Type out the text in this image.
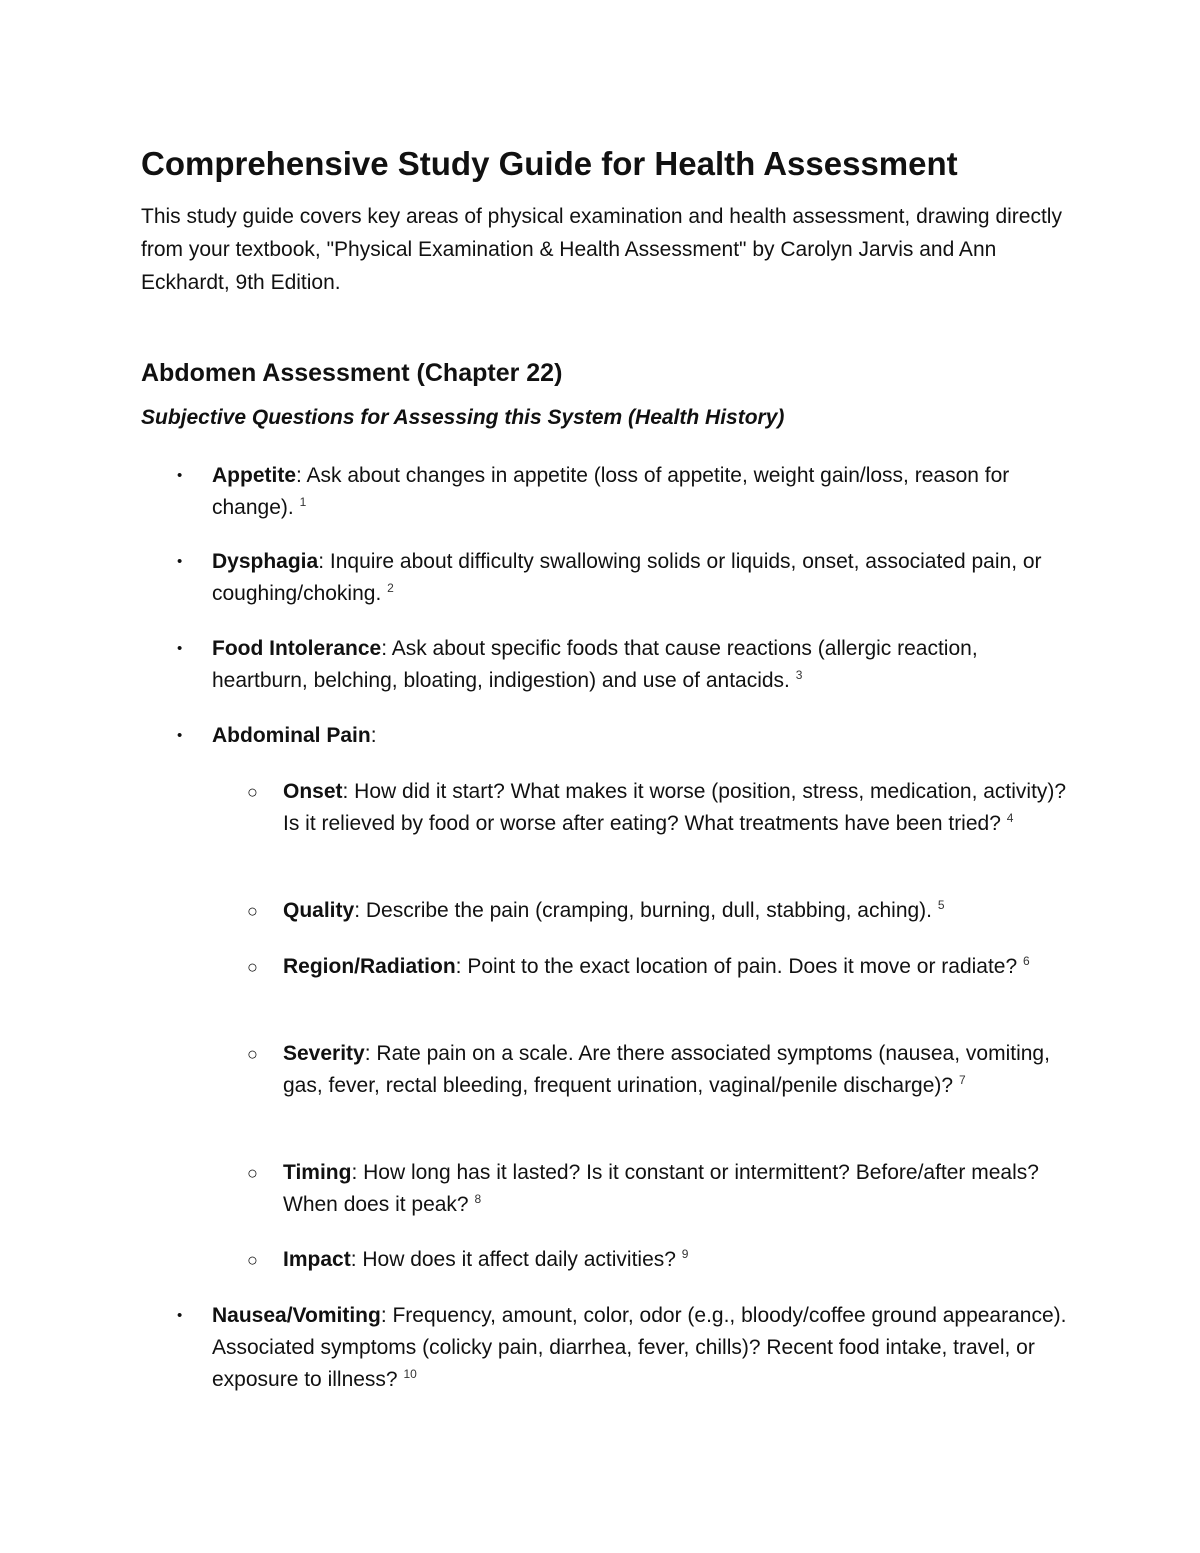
Comprehensive Study Guide for Health Assessment

This study guide covers key areas of physical examination and health assessment, drawing directly from your textbook, "Physical Examination & Health Assessment" by Carolyn Jarvis and Ann Eckhardt, 9th Edition.

Abdomen Assessment (Chapter 22)
Subjective Questions for Assessing this System (Health History)
• Appetite: Ask about changes in appetite (loss of appetite, weight gain/loss, reason for change). $^1$

• Dysphagia: Inquire about difficulty swallowing solids or liquids, onset, associated pain, or coughing/choking. $^2$

• Food Intolerance: Ask about specific foods that cause reactions (allergic reaction, heartburn, belching, bloating, indigestion) and use of antacids. $^3$

• Abdominal Pain:

○ Onset: How did it start? What makes it worse (position, stress, medication, activity)? Is it relieved by food or worse after eating? What treatments have been tried? $^4$

○ Quality: Describe the pain (cramping, burning, dull, stabbing, aching). $^5$

○ Region/Radiation: Point to the exact location of pain. Does it move or radiate? $^6$

○ Severity: Rate pain on a scale. Are there associated symptoms (nausea, vomiting, gas, fever, rectal bleeding, frequent urination, vaginal/penile discharge)? $^7$

○ Timing: How long has it lasted? Is it constant or intermittent? Before/after meals? When does it peak? $^8$

○ Impact: How does it affect daily activities? $^9$

• Nausea/Vomiting: Frequency, amount, color, odor (e.g., bloody/coffee ground appearance). Associated symptoms (colicky pain, diarrhea, fever, chills)? Recent food intake, travel, or exposure to illness? $^{10}$
